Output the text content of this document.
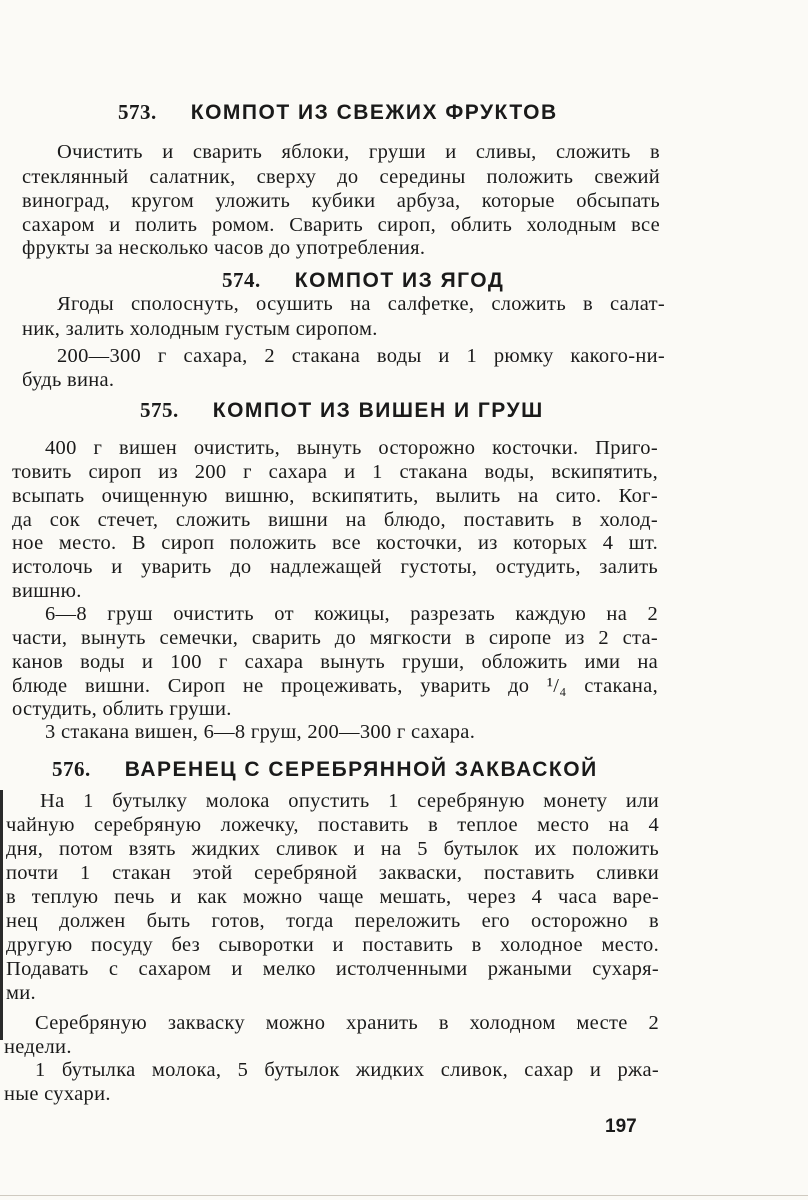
573. КОМПОТ ИЗ СВЕЖИХ ФРУКТОВ
Очистить и сварить яблоки, груши и сливы, сложить в
стеклянный салатник, сверху до середины положить свежий
виноград, кругом уложить кубики арбуза, которые обсыпать
сахаром и полить ромом. Сварить сироп, облить холодным все
фрукты за несколько часов до употребления.
574. КОМПОТ ИЗ ЯГОД
Ягоды сполоснуть, осушить на салфетке, сложить в салат-
ник, залить холодным густым сиропом.
200—300 г сахара, 2 стакана воды и 1 рюмку какого-ни-
будь вина.
575. КОМПОТ ИЗ ВИШЕН И ГРУШ
400 г вишен очистить, вынуть осторожно косточки. Приго-
товить сироп из 200 г сахара и 1 стакана воды, вскипятить,
всыпать очищенную вишню, вскипятить, вылить на сито. Ког-
да сок стечет, сложить вишни на блюдо, поставить в холод-
ное место. В сироп положить все косточки, из которых 4 шт.
истолочь и уварить до надлежащей густоты, остудить, залить
вишню.
6—8 груш очистить от кожицы, разрезать каждую на 2
части, вынуть семечки, сварить до мягкости в сиропе из 2 ста-
канов воды и 100 г сахара вынуть груши, обложить ими на
блюде вишни. Сироп не процеживать, уварить до ¹/₄ стакана,
остудить, облить груши.
3 стакана вишен, 6—8 груш, 200—300 г сахара.
576. ВАРЕНЕЦ С СЕРЕБРЯННОЙ ЗАКВАСКОЙ
На 1 бутылку молока опустить 1 серебряную монету или
чайную серебряную ложечку, поставить в теплое место на 4
дня, потом взять жидких сливок и на 5 бутылок их положить
почти 1 стакан этой серебряной закваски, поставить сливки
в теплую печь и как можно чаще мешать, через 4 часа варе-
нец должен быть готов, тогда переложить его осторожно в
другую посуду без сыворотки и поставить в холодное место.
Подавать с сахаром и мелко истолченными ржаными сухаря-
ми.
Серебряную закваску можно хранить в холодном месте 2
недели.
1 бутылка молока, 5 бутылок жидких сливок, сахар и ржа-
ные сухари.
197
